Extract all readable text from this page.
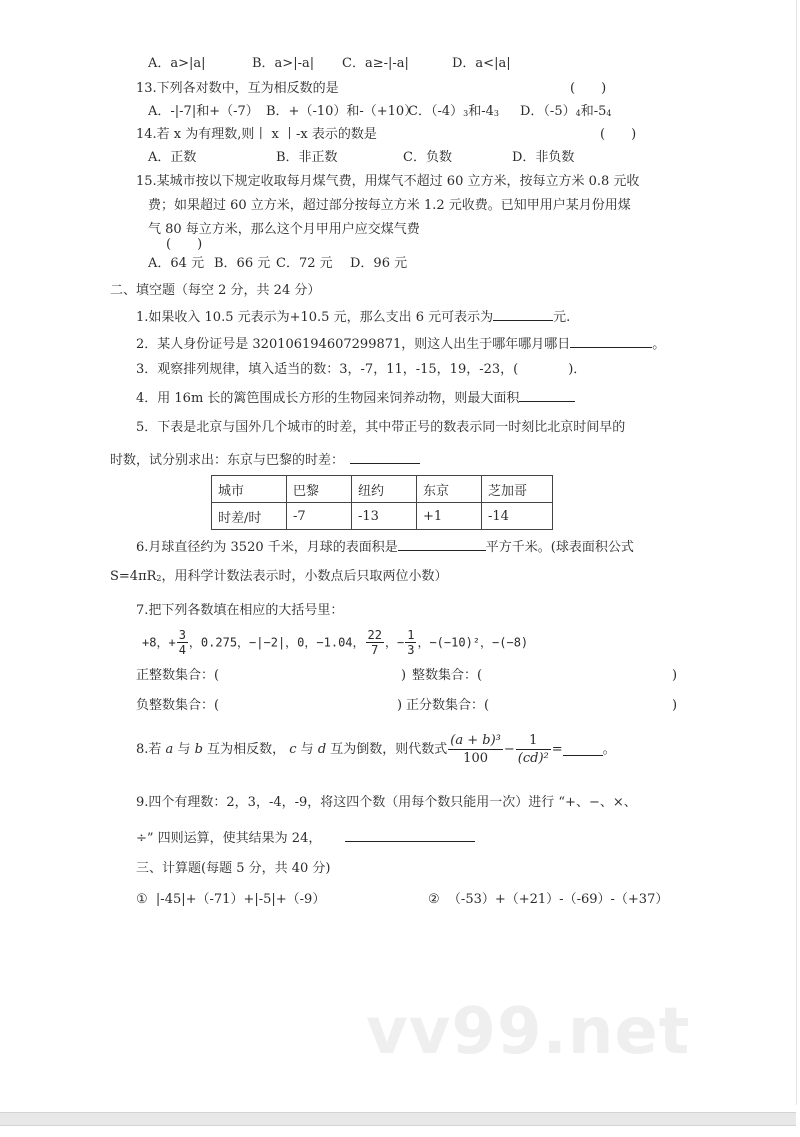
A．a>|a|	B．a>|-a| C．a≥-|-a|	D．a<|a|
13.下列各对数中，互为相反数的是	(　　)
A．-|-7|和+（-7） B．+（-10）和-（+10）
C．$(-4)_3$和$-4_3$ D．$(-5)_4$和$-5_4$
14.若 x 为有理数,则丨 x 丨-x 表示的数是	(　　)
A．正数	B．非正数	C．负数	D．非负数
15.某城市按以下规定收取每月煤气费，用煤气不超过 60 立方米，按每立方米 0.8 元收
费；如果超过 60 立方米，超过部分按每立方米 1.2 元收费。已知甲用户某月份用煤
气 80 每立方米，那么这个月甲用户应交煤气费
(　　)
A．64 元 B．66 元 C．72 元 D．96 元
二、填空题（每空 2 分，共 24 分）
1.如果收入 10.5 元表示为+10.5 元，那么支出 6 元可表示为	元.
2．某人身份证号是 320106194607299871，则这人出生于哪年哪月哪日	。
3．观察排列规律，填入适当的数：3，-7，11，-15，19，-23，(	)．
4．用 16m 长的篱笆围成长方形的生物园来饲养动物，则最大面积
5．下表是北京与国外几个城市的时差，其中带正号的数表示同一时刻比北京时间早的
时数，试分别求出：东京与巴黎的时差：
城市	巴黎	纽约	东京	芝加哥
时差/时	-7	-13	+1	-14
6.月球直径约为 3520 千米，月球的表面积是	平方千米。(球表面积公式
$S=4\pi R_2$，用科学计数法表示时，小数点后只取两位小数）
7.把下列各数填在相应的大括号里：
+8，+ $\frac{3}{4}$ ，0.275，−|−2|，0，−1.04， $\frac{22}{7}$ ，− $\frac{1}{3}$ ，−(−10)²，−(−8)
正整数集合：(	) 整数集合：(	)
负整数集合：(	) 正分数集合：(	)
8.若 a 与 b 互为相反数， c 与 d 互为倒数，则代数式 $\frac{\text{(a + b)³}}{100} - \frac{1}{\text{(cd)²}}$ =	。
9.四个有理数：2，3，-4，-9，将这四个数（用每个数只能用一次）进行 “+、−、×、
÷” 四则运算，使其结果为 24，
三、计算题(每题 5 分，共 40 分)
① |-45|+（-71）+|-5|+（-9）	② （-53）+（+21）-（-69）-（+37）
vv99.net
